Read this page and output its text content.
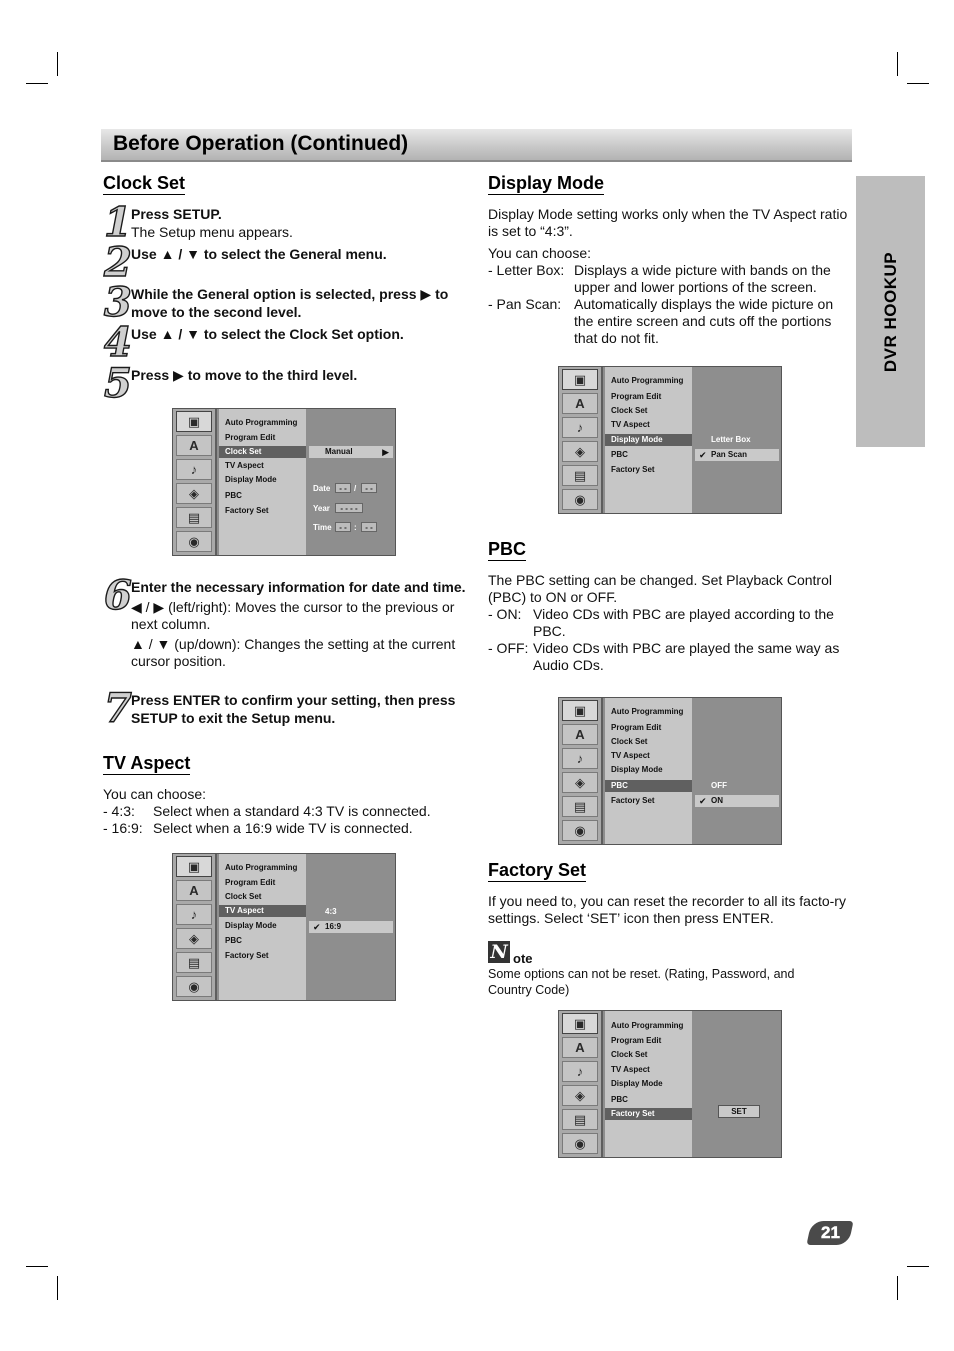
Before Operation (Continued)
DVR HOOKUP
Clock Set
1 Press SETUP.
The Setup menu appears.
2 Use ▲ / ▼ to select the General menu.
3 While the General option is selected, press ▶ to move to the second level.
4 Use ▲ / ▼ to select the Clock Set option.
5 Press ▶ to move to the third level.
▣
A
♪
◈
▤
◉
Auto Programming
Program Edit
Clock Set
TV Aspect
Display Mode
PBC
Factory Set
Manual	▶
Date	- - /	- -
Year	- - - -
Time - - :	- -
6 Enter the necessary information for date and time.
◀ / ▶ (left/right): Moves the cursor to the previous or next column.
▲ / ▼ (up/down): Changes the setting at the current cursor position.
7 Press ENTER to confirm your setting, then press SETUP to exit the Setup menu.
TV Aspect
You can choose:
- 4:3:	Select when a standard 4:3 TV is connected.
- 16:9: Select when a 16:9 wide TV is connected.
▣
A
♪
◈
▤
◉
Auto Programming
Program Edit
Clock Set
TV Aspect
Display Mode
PBC
Factory Set
4:3
✔ 16:9
Display Mode
Display Mode setting works only when the TV Aspect ratio is set to “4:3”.
You can choose:
- Letter Box: Displays a wide picture with bands on the upper and lower portions of the screen.
- Pan Scan: Automatically displays the wide picture on the entire screen and cuts off the portions that do not fit.
▣
A
♪
◈
▤
◉
Auto Programming
Program Edit
Clock Set
TV Aspect
Display Mode
PBC
Factory Set
Letter Box
✔ Pan Scan
PBC
The PBC setting can be changed. Set Playback Control (PBC) to ON or OFF.
- ON: Video CDs with PBC are played according to the PBC.
- OFF: Video CDs with PBC are played the same way as Audio CDs.
▣
A
♪
◈
▤
◉
Auto Programming
Program Edit
Clock Set
TV Aspect
Display Mode
PBC
Factory Set
OFF
✔ ON
Factory Set
If you need to, you can reset the recorder to all its facto-ry settings. Select ‘SET’ icon then press ENTER.
N ote
Some options can not be reset. (Rating, Password, and Country Code)
▣
A
♪
◈
▤
◉
Auto Programming
Program Edit
Clock Set
TV Aspect
Display Mode
PBC
Factory Set	SET
21
